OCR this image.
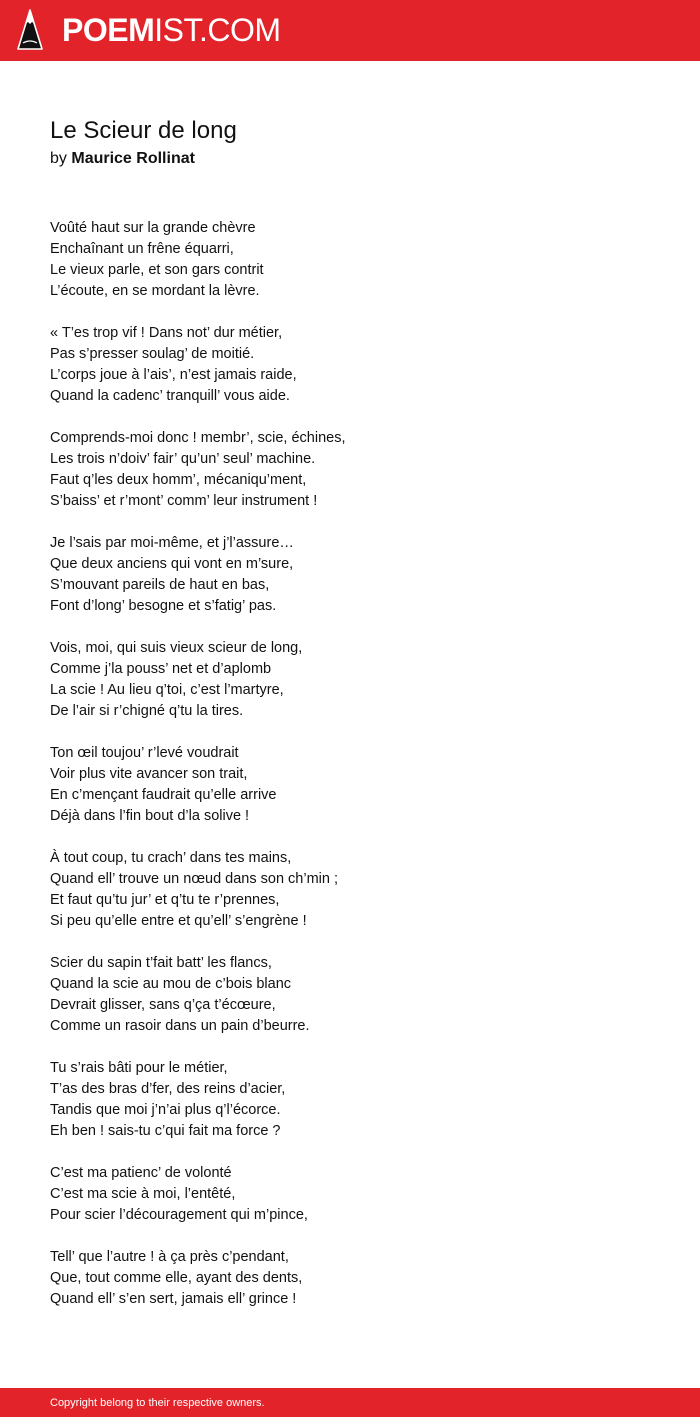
POEMIST.COM
Le Scieur de long
by Maurice Rollinat
Voûté haut sur la grande chèvre
Enchaînant un frêne équarri,
Le vieux parle, et son gars contrit
L’écoute, en se mordant la lèvre.
« T’es trop vif ! Dans not’ dur métier,
Pas s’presser soulag’ de moitié.
L’corps joue à l’ais’, n’est jamais raide,
Quand la cadenc’ tranquill’ vous aide.
Comprends-moi donc ! membr’, scie, échines,
Les trois n’doiv’ fair’ qu’un’ seul’ machine.
Faut q’les deux homm’, mécaniqu’ment,
S’baiss’ et r’mont’ comm’ leur instrument !
Je l’sais par moi-même, et j’l’assure…
Que deux anciens qui vont en m’sure,
S’mouvant pareils de haut en bas,
Font d’long’ besogne et s’fatig’ pas.
Vois, moi, qui suis vieux scieur de long,
Comme j’la pouss’ net et d’aplomb
La scie ! Au lieu q’toi, c’est l’martyre,
De l’air si r’chigné q’tu la tires.
Ton œil toujou’ r’levé voudrait
Voir plus vite avancer son trait,
En c’mençant faudrait qu’elle arrive
Déjà dans l’fin bout d’la solive !
À tout coup, tu crach’ dans tes mains,
Quand ell’ trouve un nœud dans son ch’min ;
Et faut qu’tu jur’ et q’tu te r’prennes,
Si peu qu’elle entre et qu’ell’ s’engrène !
Scier du sapin t’fait batt’ les flancs,
Quand la scie au mou de c’bois blanc
Devrait glisser, sans q’ça t’écœure,
Comme un rasoir dans un pain d’beurre.
Tu s’rais bâti pour le métier,
T’as des bras d’fer, des reins d’acier,
Tandis que moi j’n’ai plus q’l’écorce.
Eh ben ! sais-tu c’qui fait ma force ?
C’est ma patienc’ de volonté
C’est ma scie à moi, l’entêté,
Pour scier l’découragement qui m’pince,
Tell’ que l’autre ! à ça près c’pendant,
Que, tout comme elle, ayant des dents,
Quand ell’ s’en sert, jamais ell’ grince !
Copyright belong to their respective owners.
